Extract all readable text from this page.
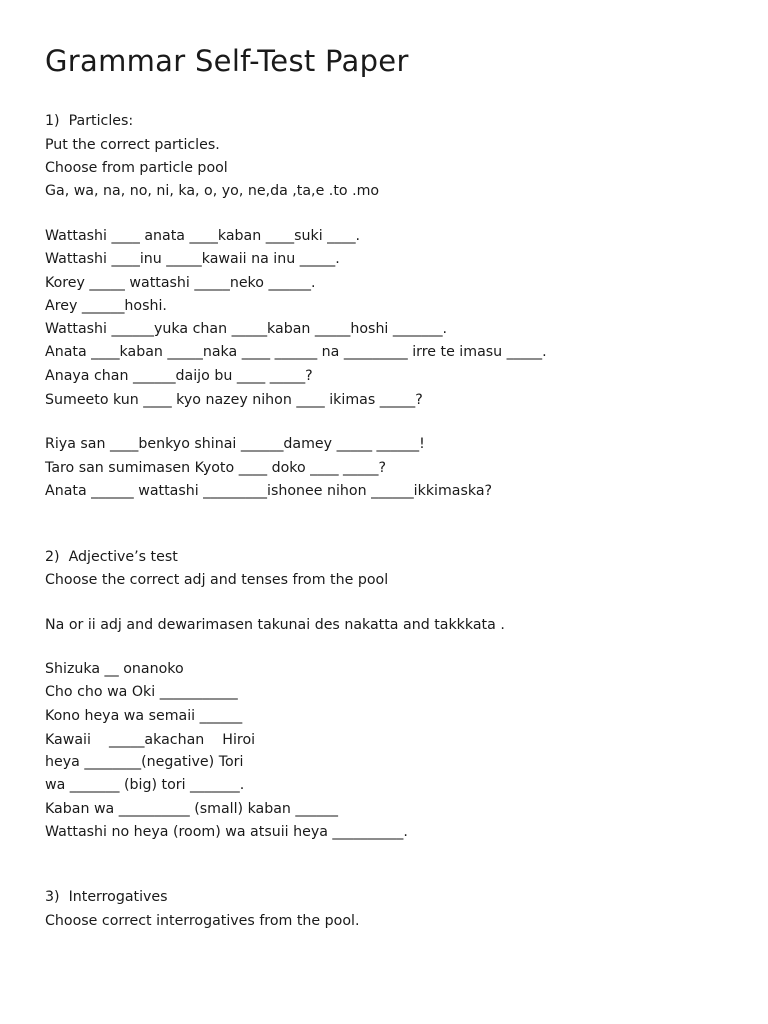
Grammar Self-Test Paper

1)  Particles:

Put the correct particles.

Choose from particle pool

Ga, wa, na, no, ni, ka, o, yo, ne,da ,ta,e .to .mo

Wattashi ____ anata ____kaban ____suki ____.

Wattashi ____inu _____kawaii na inu _____.

Korey _____ wattashi _____neko ______.

Arey ______hoshi.

Wattashi ______yuka chan _____kaban _____hoshi _______.

Anata ____kaban _____naka ____ ______ na _________ irre te imasu _____.

Anaya chan ______daijo bu ____ _____?

Sumeeto kun ____ kyo nazey nihon ____ ikimas _____?

Riya san ____benkyo shinai ______damey _____ ______!

Taro san sumimasen Kyoto ____ doko ____ _____?

Anata ______ wattashi _________ishonee nihon ______ikkimaska?

2)  Adjective’s test

Choose the correct adj and tenses from the pool

Na or ii adj and dewarimasen takunai des nakatta and takkkata .

Shizuka __ onanoko

Cho cho wa Oki ___________

Kono heya wa semaii ______

Kawaii    _____akachan    Hiroi

heya ________(negative) Tori

wa _______ (big) tori _______.

Kaban wa __________ (small) kaban ______

Wattashi no heya (room) wa atsuii heya __________.

3)  Interrogatives

Choose correct interrogatives from the pool.
